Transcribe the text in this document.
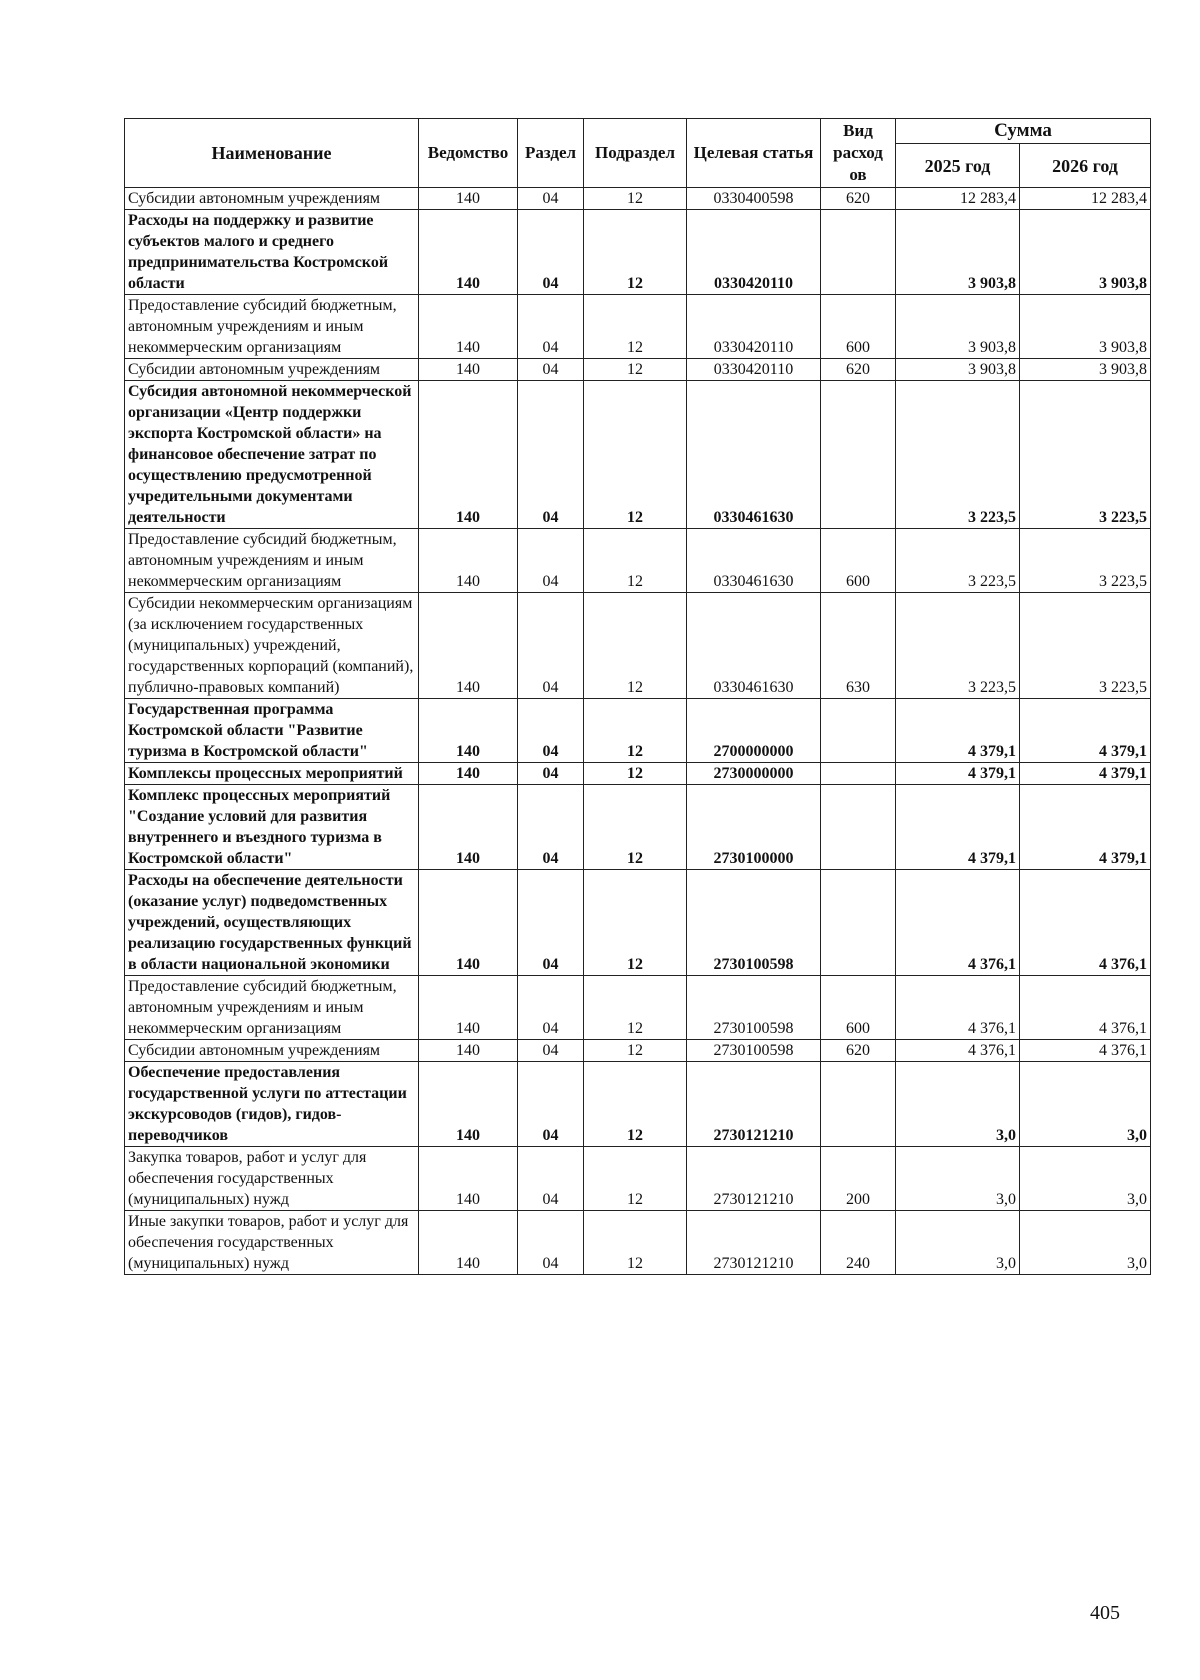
Наименование	Ведомство	Раздел	Подраздел	Целевая статья	Вид расход ов	Сумма	
						2025 год	2026 год
Субсидии автономным учреждениям	140	04	12	0330400598	620	12 283,4	12 283,4
Расходы на поддержку и развитие субъектов малого и среднего предпринимательства Костромской области	140	04	12	0330420110		3 903,8	3 903,8
Предоставление субсидий бюджетным, автономным учреждениям и иным некоммерческим организациям	140	04	12	0330420110	600	3 903,8	3 903,8
Субсидии автономным учреждениям	140	04	12	0330420110	620	3 903,8	3 903,8
Субсидия автономной некоммерческой организации «Центр поддержки экспорта Костромской области» на финансовое обеспечение затрат по осуществлению предусмотренной учредительными документами деятельности	140	04	12	0330461630		3 223,5	3 223,5
Предоставление субсидий бюджетным, автономным учреждениям и иным некоммерческим организациям	140	04	12	0330461630	600	3 223,5	3 223,5
Субсидии некоммерческим организациям (за исключением государственных (муниципальных) учреждений, государственных корпораций (компаний), публично-правовых компаний)	140	04	12	0330461630	630	3 223,5	3 223,5
Государственная программа Костромской области "Развитие туризма в Костромской области"	140	04	12	2700000000		4 379,1	4 379,1
Комплексы процессных мероприятий	140	04	12	2730000000		4 379,1	4 379,1
Комплекс процессных мероприятий "Создание условий для развития внутреннего и въездного туризма в Костромской области"	140	04	12	2730100000		4 379,1	4 379,1
Расходы на обеспечение деятельности (оказание услуг) подведомственных учреждений, осуществляющих реализацию государственных функций в области национальной экономики	140	04	12	2730100598		4 376,1	4 376,1
Предоставление субсидий бюджетным, автономным учреждениям и иным некоммерческим организациям	140	04	12	2730100598	600	4 376,1	4 376,1
Субсидии автономным учреждениям	140	04	12	2730100598	620	4 376,1	4 376,1
Обеспечение предоставления государственной услуги по аттестации экскурсоводов (гидов), гидов-переводчиков	140	04	12	2730121210		3,0	3,0
Закупка товаров, работ и услуг для обеспечения государственных (муниципальных) нужд	140	04	12	2730121210	200	3,0	3,0
Иные закупки товаров, работ и услуг для обеспечения государственных (муниципальных) нужд	140	04	12	2730121210	240	3,0	3,0
405
